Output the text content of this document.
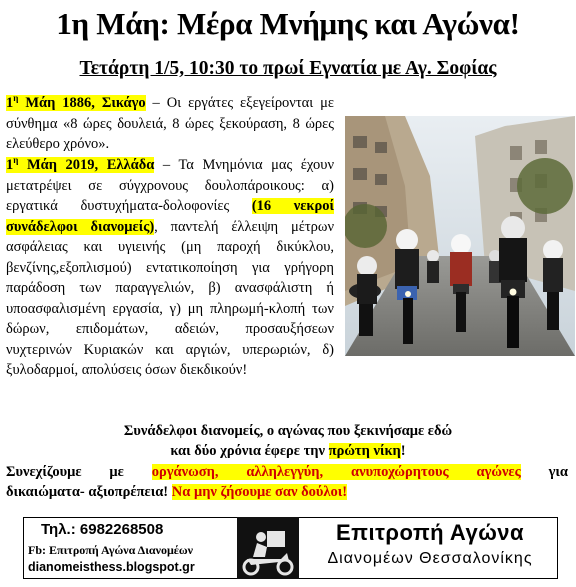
1η Μάη: Μέρα Μνήμης και Αγώνα!
Τετάρτη 1/5, 10:30 το πρωί Εγνατία με Αγ. Σοφίας
$1^\eta$ Μάη 1886, Σικάγο – Οι εργάτες εξεγείρονται με σύνθημα «8 ώρες δουλειά, 8 ώρες ξεκούραση, 8 ώρες ελεύθερο χρόνο».
$1^\eta$ Μάη 2019, Ελλάδα – Τα Μνημόνια μας έχουν μετατρέψει σε σύγχρονους δουλοπάροικους: α) εργατικά δυστυχήματα-δολοφονίες (16 νεκροί συνάδελφοι διανομείς), παντελή έλλειψη μέτρων ασφάλειας και υγιεινής (μη παροχή δικύκλου, βενζίνης,εξοπλισμού) εντατικοποίηση για γρήγορη παράδοση των παραγγελιών, β) ανασφάλιστη ή υποασφαλισμένη εργασία, γ) μη πληρωμή-κλοπή των δώρων, επιδομάτων, αδειών, προσαυξήσεων νυχτερινών Κυριακών και αργιών, υπερωριών, δ) ξυλοδαρμοί, απολύσεις όσων διεκδικούν!
Συνάδελφοι διανομείς, ο αγώνας που ξεκινήσαμε εδώ
και δύο χρόνια έφερε την πρώτη νίκη!
Συνεχίζουμε με οργάνωση, αλληλεγγύη, ανυποχώρητους αγώνες για
δικαιώματα- αξιοπρέπεια! Να μην ζήσουμε σαν δούλοι!
Τηλ.: 6982268508
Fb: Επιτροπή Αγώνα Διανομέων
dianomeisthess.blogspot.gr
Επιτροπή Αγώνα
Διανομέων Θεσσαλονίκης
